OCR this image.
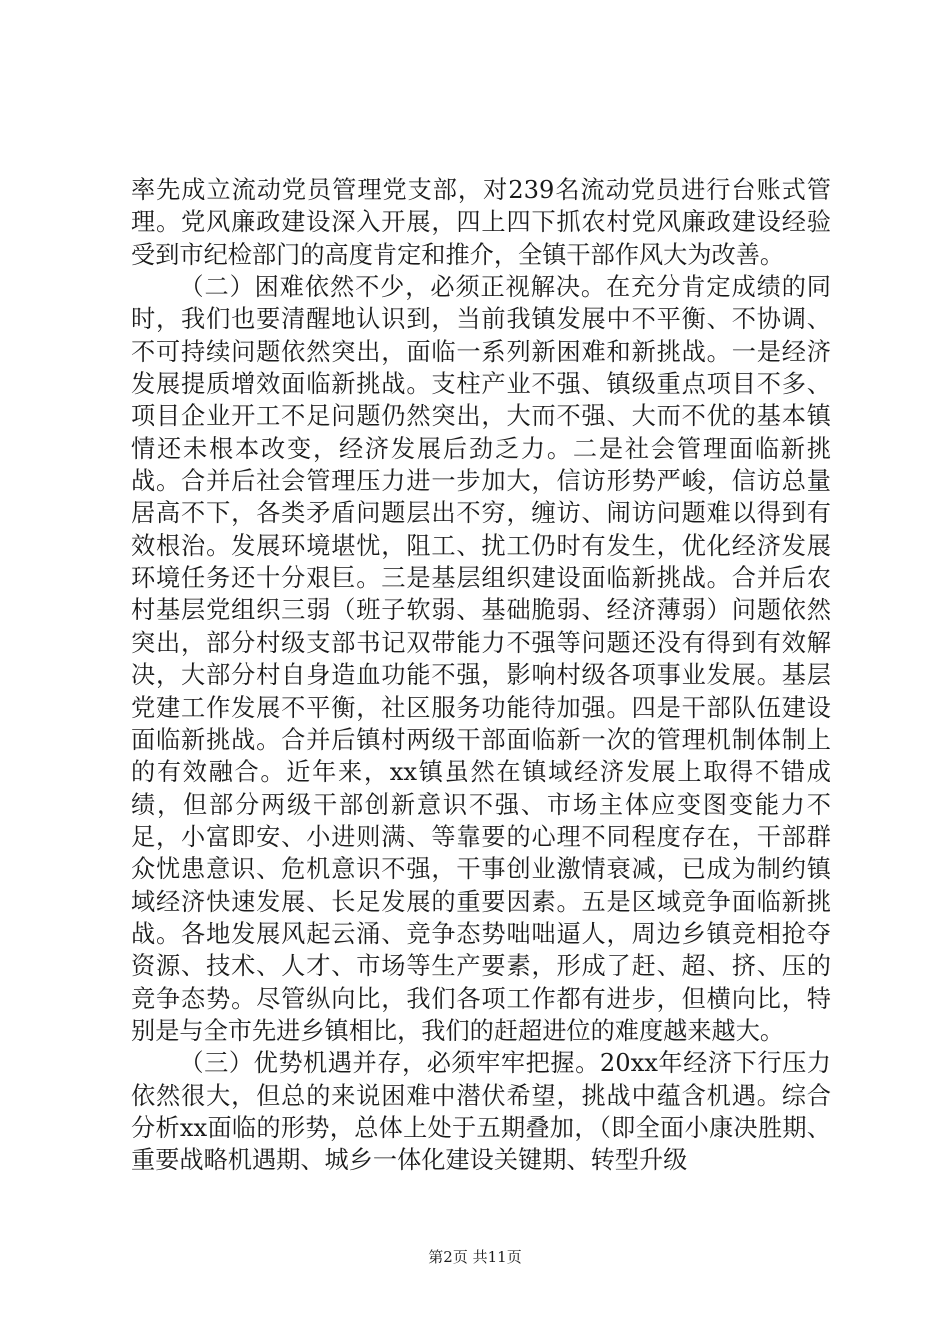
率先成立流动党员管理党支部，对239名流动党员进行台账式管理。党风廉政建设深入开展，四上四下抓农村党风廉政建设经验受到市纪检部门的高度肯定和推介，全镇干部作风大为改善。

（二）困难依然不少，必须正视解决。在充分肯定成绩的同时，我们也要清醒地认识到，当前我镇发展中不平衡、不协调、不可持续问题依然突出，面临一系列新困难和新挑战。一是经济发展提质增效面临新挑战。支柱产业不强、镇级重点项目不多、项目企业开工不足问题仍然突出，大而不强、大而不优的基本镇情还未根本改变，经济发展后劲乏力。二是社会管理面临新挑战。合并后社会管理压力进一步加大，信访形势严峻，信访总量居高不下，各类矛盾问题层出不穷，缠访、闹访问题难以得到有效根治。发展环境堪忧，阻工、扰工仍时有发生，优化经济发展环境任务还十分艰巨。三是基层组织建设面临新挑战。合并后农村基层党组织三弱（班子软弱、基础脆弱、经济薄弱）问题依然突出，部分村级支部书记双带能力不强等问题还没有得到有效解决，大部分村自身造血功能不强，影响村级各项事业发展。基层党建工作发展不平衡，社区服务功能待加强。四是干部队伍建设面临新挑战。合并后镇村两级干部面临新一次的管理机制体制上的有效融合。近年来，xx镇虽然在镇域经济发展上取得不错成绩，但部分两级干部创新意识不强、市场主体应变图变能力不足，小富即安、小进则满、等靠要的心理不同程度存在，干部群众忧患意识、危机意识不强，干事创业激情衰减，已成为制约镇域经济快速发展、长足发展的重要因素。五是区域竞争面临新挑战。各地发展风起云涌、竞争态势咄咄逼人，周边乡镇竞相抢夺资源、技术、人才、市场等生产要素，形成了赶、超、挤、压的竞争态势。尽管纵向比，我们各项工作都有进步，但横向比，特别是与全市先进乡镇相比，我们的赶超进位的难度越来越大。

（三）优势机遇并存，必须牢牢把握。20xx年经济下行压力依然很大，但总的来说困难中潜伏希望，挑战中蕴含机遇。综合分析xx面临的形势，总体上处于五期叠加，（即全面小康决胜期、重要战略机遇期、城乡一体化建设关键期、转型升级

第2页 共11页
